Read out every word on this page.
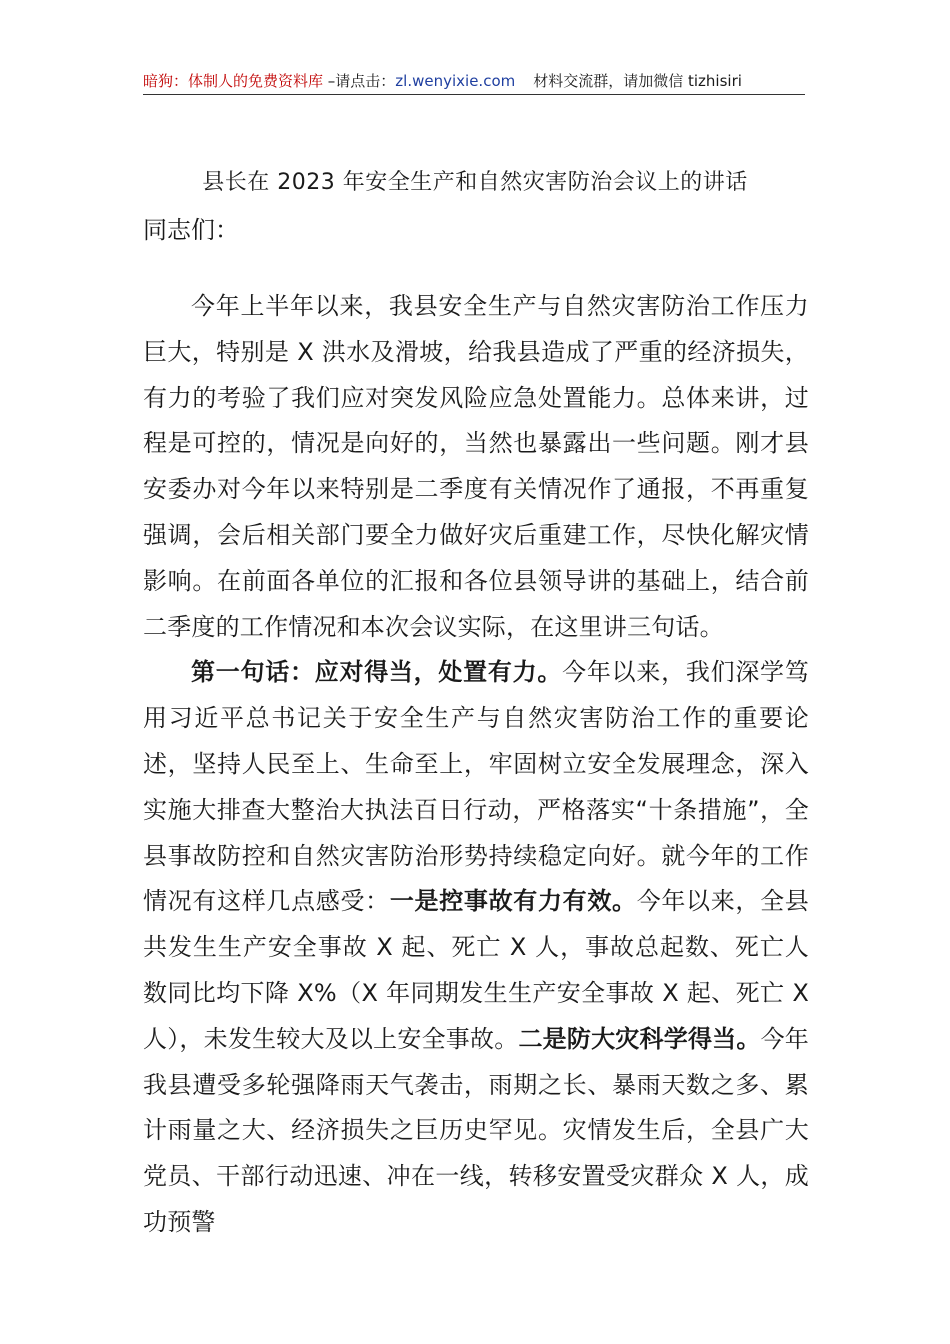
暗狗：体制人的免费资料库 –请点击：zl.wenyixie.com 材料交流群，请加微信 tizhisiri
县长在 2023 年安全生产和自然灾害防治会议上的讲话
同志们：

今年上半年以来，我县安全生产与自然灾害防治工作压力巨大，特别是 X 洪水及滑坡，给我县造成了严重的经济损失，有力的考验了我们应对突发风险应急处置能力。总体来讲，过程是可控的，情况是向好的，当然也暴露出一些问题。刚才县安委办对今年以来特别是二季度有关情况作了通报，不再重复强调，会后相关部门要全力做好灾后重建工作，尽快化解灾情影响。在前面各单位的汇报和各位县领导讲的基础上，结合前二季度的工作情况和本次会议实际，在这里讲三句话。

第一句话：应对得当，处置有力。今年以来，我们深学笃用习近平总书记关于安全生产与自然灾害防治工作的重要论述，坚持人民至上、生命至上，牢固树立安全发展理念，深入实施大排查大整治大执法百日行动，严格落实“十条措施”，全县事故防控和自然灾害防治形势持续稳定向好。就今年的工作情况有这样几点感受：一是控事故有力有效。今年以来，全县共发生生产安全事故 X 起、死亡 X 人，事故总起数、死亡人数同比均下降 X%（X 年同期发生生产安全事故 X 起、死亡 X 人），未发生较大及以上安全事故。二是防大灾科学得当。今年我县遭受多轮强降雨天气袭击，雨期之长、暴雨天数之多、累计雨量之大、经济损失之巨历史罕见。灾情发生后，全县广大党员、干部行动迅速、冲在一线，转移安置受灾群众 X 人，成功预警
